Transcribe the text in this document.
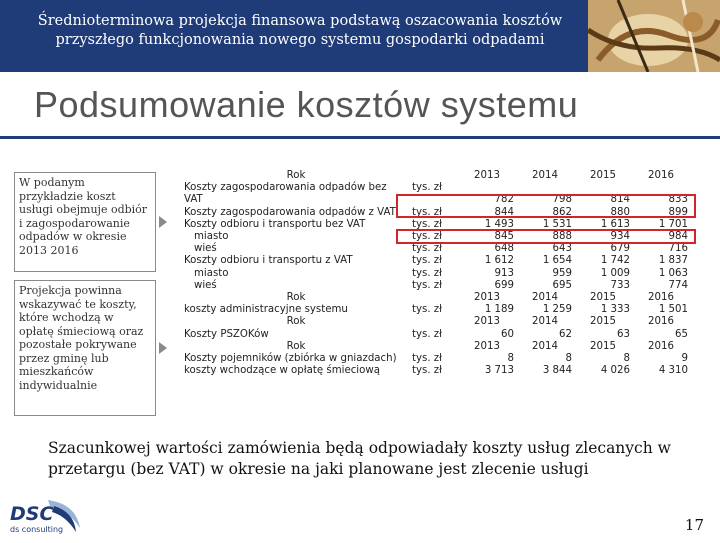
Średnioterminowa projekcja finansowa podstawą oszacowania kosztów
przyszłego funkcjonowania nowego systemu gospodarki odpadami
Podsumowanie kosztów systemu
W podanym przykładzie koszt usługi obejmuje odbiór i zagospodarowanie odpadów w okresie 2013 2016
Projekcja powinna wskazywać te koszty, które wchodzą w opłatę śmieciową oraz pozostałe pokrywane przez gminę lub mieszkańców indywidualnie
Rok		2013	2014	2015	2016
Koszty zagospodarowania odpadów bez	tys. zł				
VAT		782	798	814	833
Koszty zagospodarowania odpadów z VAT	tys. zł	844	862	880	899
Koszty odbioru i transportu bez VAT	tys. zł	1 493	1 531	1 613	1 701
miasto	tys. zł	845	888	934	984
wieś	tys. zł	648	643	679	716
Koszty odbioru i transportu z VAT	tys. zł	1 612	1 654	1 742	1 837
miasto	tys. zł	913	959	1 009	1 063
wieś	tys. zł	699	695	733	774
Rok		2013	2014	2015	2016
koszty administracyjne systemu	tys. zł	1 189	1 259	1 333	1 501
Rok		2013	2014	2015	2016
Koszty PSZOKów	tys. zł	60	62	63	65
Rok		2013	2014	2015	2016
Koszty pojemników (zbiórka w gniazdach)	tys. zł	8	8	8	9
koszty wchodzące w opłatę śmieciową	tys. zł	3 713	3 844	4 026	4 310
Szacunkowej wartości zamówienia będą odpowiadały koszty usług zlecanych w przetargu (bez VAT) w okresie na jaki planowane jest zlecenie usługi
DSC
ds consulting	17
